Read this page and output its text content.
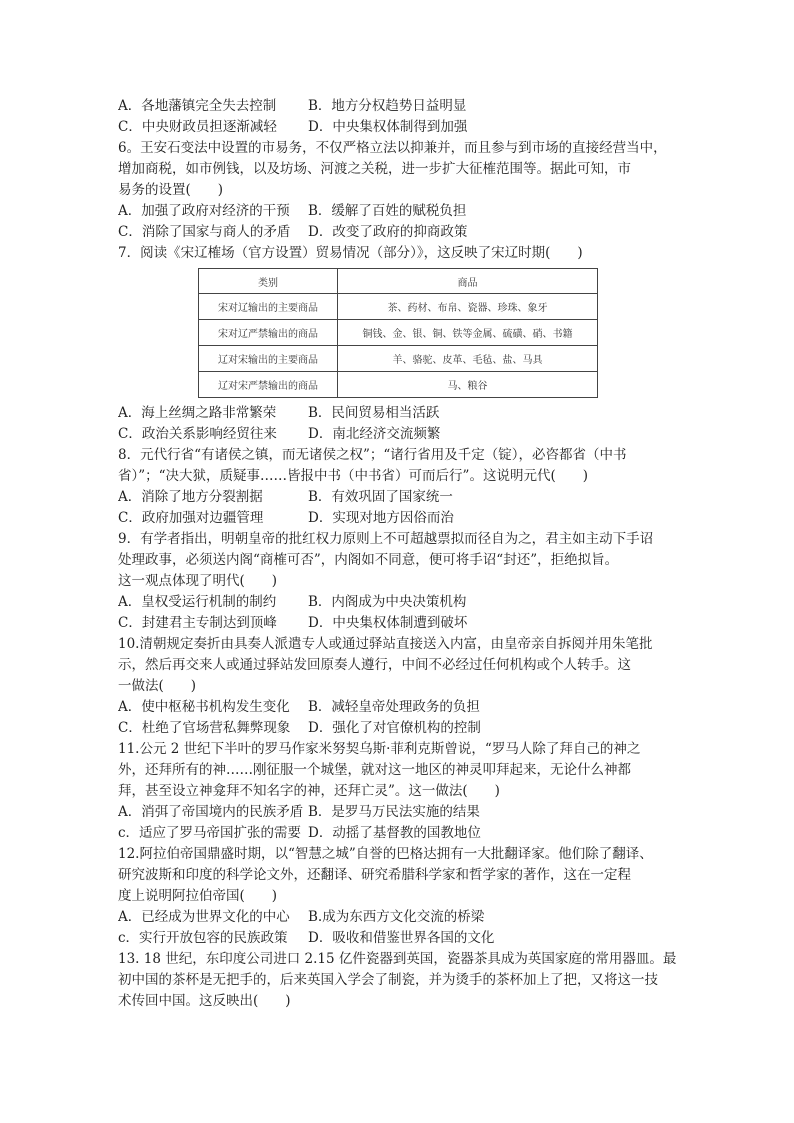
A．各地藩镇完全失去控制	B．地方分权趋势日益明显
C．中央财政员担逐渐减轻	D．中央集权体制得到加强
6。王安石变法中设置的市易务，不仅严格立法以抑兼并，而且参与到市场的直接经营当中，
增加商税，如市例钱，以及坊场、河渡之关税，进一步扩大征榷范围等。据此可知，市
易务的设置(　　)
A．加强了政府对经济的干预	B．缓解了百姓的赋税负担
C．消除了国家与商人的矛盾	D．改变了政府的抑商政策
7．阅读《宋辽榷场（官方设置）贸易情况（部分）》，这反映了宋辽时期(　　)
类别	商品
宋对辽输出的主要商品	茶、药材、布帛、瓷器、珍珠、象牙
宋对辽严禁输出的商品	铜钱、金、银、铜、铁等金属、硫磺、硝、书籍
辽对宋输出的主要商品	羊、骆驼、皮革、毛毡、盐、马具
辽对宋严禁输出的商品	马、粮谷
A．海上丝绸之路非常繁荣	B．民间贸易相当活跃
C．政治关系影响经贸往来	D．南北经济交流频繁
8．元代行省“有诸侯之镇，而无诸侯之权”；“诸行省用及千定（锭），必咨都省（中书
省）”；“决大狱，质疑事……皆报中书（中书省）可而后行”。这说明元代(　　)
A．消除了地方分裂割据	B．有效巩固了国家统一
C．政府加强对边疆管理	D．实现对地方因俗而治
9．有学者指出，明朝皇帝的批红权力原则上不可超越票拟而径自为之，君主如主动下手诏
处理政事，必须送内阁“商榷可否”，内阁如不同意，便可将手诏“封还”，拒绝拟旨。
这一观点体现了明代(　　)
A．皇权受运行机制的制约	B．内阁成为中央决策机构
C．封建君主专制达到顶峰	D．中央集权体制遭到破坏
10.清朝规定奏折由具奏人派遣专人或通过驿站直接送入内富，由皇帝亲自拆阅并用朱笔批
示，然后再交来人或通过驿站发回原奏人遵行，中间不必经过任何机构或个人转手。这
一做法(　　)
A．使中枢秘书机构发生变化	B．减轻皇帝处理政务的负担
C．杜绝了官场营私舞弊现象	D．强化了对官僚机构的控制
11.公元 2 世纪下半叶的罗马作家米努契乌斯·菲利克斯曾说，“罗马人除了拜自己的神之
外，还拜所有的神……刚征服一个城堡，就对这一地区的神灵叩拜起来，无论什么神都
拜，甚至设立神龛拜不知名字的神，还拜亡灵”。这一做法(　　)
A．消弭了帝国境内的民族矛盾 B．是罗马万民法实施的结果
c．适应了罗马帝国扩张的需要 D．动摇了基督教的国教地位
12.阿拉伯帝国鼎盛时期，以“智慧之城”自誉的巴格达拥有一大批翻译家。他们除了翻译、
研究波斯和印度的科学论文外，还翻译、研究希腊科学家和哲学家的著作，这在一定程
度上说明阿拉伯帝国(　　)
A．已经成为世界文化的中心	B.成为东西方文化交流的桥梁
c．实行开放包容的民族政策	D．吸收和借鉴世界各国的文化
13. 18 世纪，东印度公司进口 2.15 亿件瓷器到英国，瓷器茶具成为英国家庭的常用器皿。最
初中国的茶杯是无把手的，后来英国入学会了制瓷，并为烫手的茶杯加上了把，又将这一技
术传回中国。这反映出(　　)
